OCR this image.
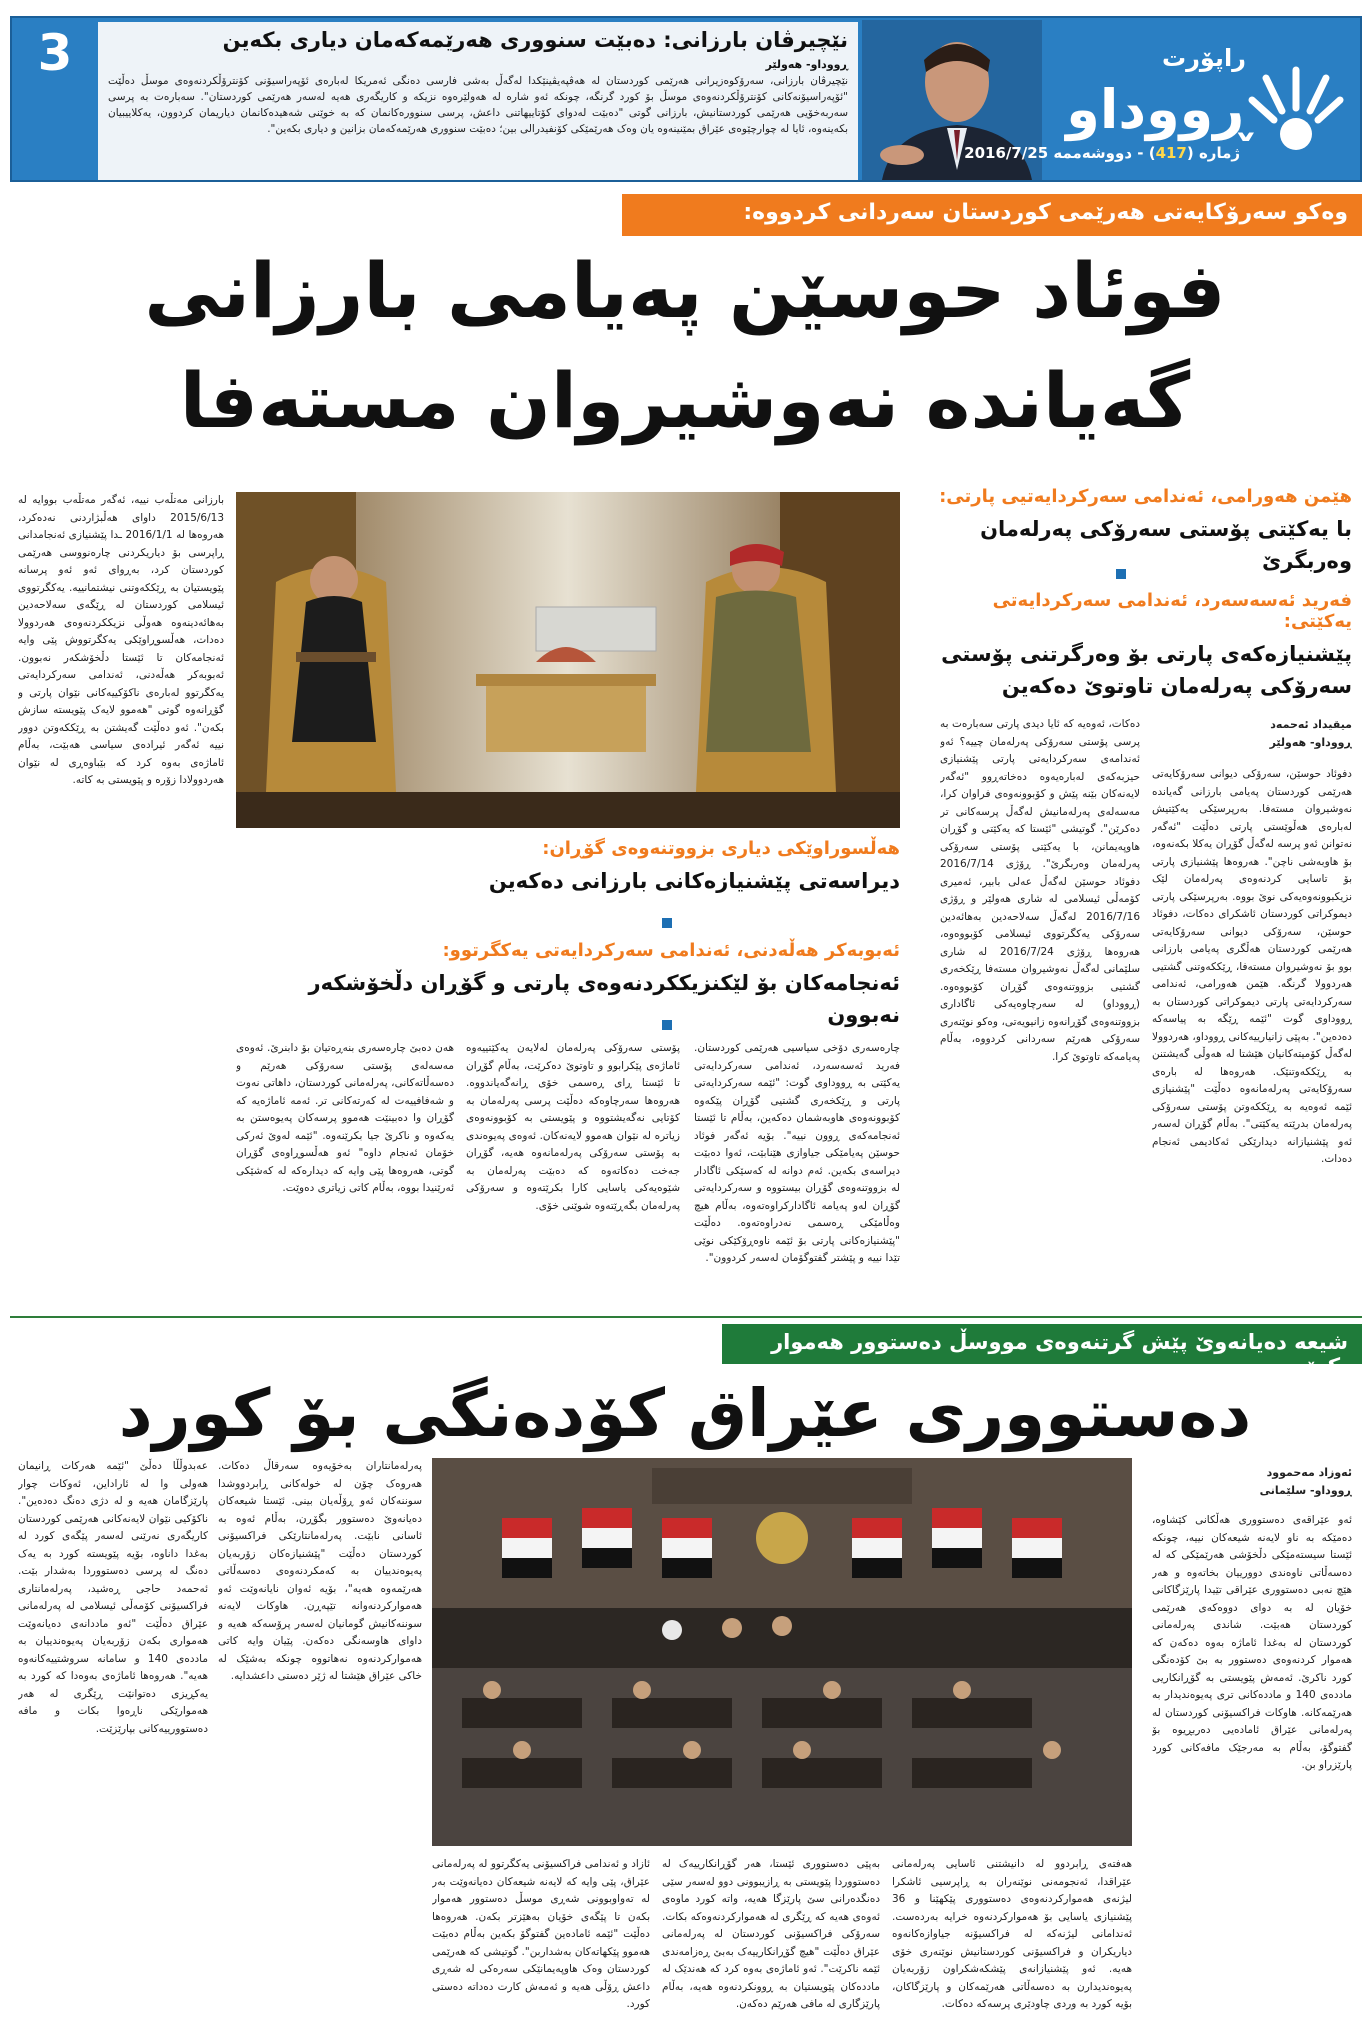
3	نێچیرڤان بارزانی: دەبێت سنووری هەرێمەکەمان دیاری بکەین
ڕووداو- هەولێر
نێچیرڤان بارزانی، سەرۆکوەزیرانی هەرێمی کوردستان لە هەڤپەیڤینێکدا لەگەڵ بەشی فارسی دەنگی ئەمریکا لەبارەی ئۆپەراسیۆنی کۆنترۆڵکردنەوەی موسڵ دەڵێت "ئۆپەراسیۆنەکانی کۆنترۆڵکردنەوەی موسڵ بۆ کورد گرنگە، چونکە ئەو شارە لە هەولێرەوە نزیکە و کاریگەری هەیە لەسەر هەرێمی کوردستان". سەبارەت بە پرسی سەربەخۆیی هەرێمی کوردستانیش، بارزانی گوتی "دەبێت لەدوای کۆتاییهاتنی داعش، پرسی سنوورەکانمان کە بە خوێنی شەهیدەکانمان دیاریمان کردوون، یەکلاییبیان بکەینەوە، ئایا لە چوارچێوەی عێراق بمێنینەوە یان وەک هەرێمێکی کۆنفیدرالی بین؛ دەبێت سنووری هەرێمەکەمان بزانین و دیاری بکەین".
راپۆرت
ڕووداو
ژمارە (417) - دووشەممە 2016/7/25
وەکو سەرۆکایەتی هەرێمی کوردستان سەردانی کردووە:
فوئاد حوسێن پەیامی بارزانی
گەیاندە نەوشیروان مستەفا
هێمن هەورامی، ئەندامی سەرکردایەتیی پارتی:
با یەکێتی پۆستی سەرۆکی پەرلەمان وەربگرێ
فەرید ئەسەسەرد، ئەندامی سەرکردایەتی یەکێتی:
پێشنیازەکەی پارتی بۆ وەرگرتنی پۆستی سەرۆکی پەرلەمان تاوتوێ دەکەین
هەڵسوراوێکی دیاری بزووتنەوەی گۆڕان:
دیراسەتی پێشنیازەکانی بارزانی دەکەین
ئەبوبەکر هەڵەدنی، ئەندامی سەرکردایەتی یەکگرتوو:
ئەنجامەکان بۆ لێکنزیککردنەوەی پارتی و گۆڕان دڵخۆشکەر نەبوون
میقیداد ئەحمەد
ڕووداو- هەولێر
دفوئاد حوسێن، سەرۆکی دیوانی سەرۆکایەتی هەرێمی کوردستان پەیامی بارزانی گەیاندە نەوشیروان مستەفا. بەرپرسێکی یەکێتیش لەبارەی هەڵوێستی پارتی دەڵێت "ئەگەر نەتوانن ئەو پرسە لەگەڵ گۆڕان یەکلا بکەنەوە، بۆ هاوبەشی ناچن". هەروەها پێشنیازی پارتی بۆ تاسایی کردنەوەی پەرلەمان لێک نزیکبوونەوەیەکی نوێ بووە. بەرپرسێکی پارتی دیموکراتی کوردستان ئاشکرای دەکات، دفوئاد حوسێن، سەرۆکی دیوانی سەرۆکایەتی هەرێمی کوردستان هەڵگری پەیامی بارزانی بوو بۆ نەوشیروان مستەفا، ڕێککەوتنی گشتیی هەردوولا گرنگە. هێمن هەورامی، ئەندامی سەرکردایەتی پارتی دیموکراتی کوردستان بە ڕووداوی گوت "ئێمە ڕێگە بە پیاسەکە دەدەین". بەپێی زانیارییەکانی ڕووداو، هەردوولا لەگەڵ کۆمیتەکانیان هێشتا لە هەوڵی گەیشتنن بە ڕێککەوتنێک. هەروەها لە بارەی سەرۆکایەتی پەرلەمانەوە دەڵێت "پێشنیازی ئێمە ئەوەیە بە ڕێککەوتن پۆستی سەرۆکی پەرلەمان بدرێتە یەکێتی". بەڵام گۆڕان لەسەر ئەو پێشنیازانە دیدارێکی ئەکادیمی ئەنجام دەدات.
دەکات، ئەوەیە کە ئایا دیدی پارتی سەبارەت بە پرسی پۆستی سەرۆکی پەرلەمان چییە؟ ئەو ئەندامەی سەرکردایەتی پارتی پێشنیازی حیزبەکەی لەبارەیەوە دەخاتەڕوو "ئەگەر لایەنەکان بێنە پێش و کۆبوونەوەی فراوان کرا، مەسەلەی پەرلەمانیش لەگەڵ پرسەکانی تر دەکرێن". گوتیشی "ئێستا کە یەکێتی و گۆڕان هاوپەیمانن، با یەکێتی پۆستی سەرۆکی پەرلەمان وەربگرێ". ڕۆژی 2016/7/14 دفوئاد حوسێن لەگەڵ عەلی بابیر، ئەمیری کۆمەڵی ئیسلامی لە شاری هەولێر و ڕۆژی 2016/7/16 لەگەڵ سەلاحەدین بەهائەدین سەرۆکی یەکگرتووی ئیسلامی کۆبووەوە، هەروەها ڕۆژی 2016/7/24 لە شاری سلێمانی لەگەڵ نەوشیروان مستەفا ڕێکخەری گشتیی بزووتنەوەی گۆڕان کۆبووەوە. (ڕووداو) لە سەرچاوەیەکی ئاگاداری بزووتنەوەی گۆڕانەوە زانیویەتی، وەکو نوێنەری سەرۆکی هەرێم سەردانی کردووە، بەڵام پەیامەکە تاوتوێ کرا.
چارەسەری دۆخی سیاسیی هەرێمی کوردستان. فەرید ئەسەسەرد، ئەندامی سەرکردایەتی یەکێتی بە ڕووداوی گوت: "ئێمە سەرکردایەتی پارتی و ڕێکخەری گشتیی گۆڕان پێکەوە کۆبوونەوەی هاوبەشمان دەکەین، بەڵام تا ئێستا ئەنجامەکەی ڕوون نییە". بۆیە ئەگەر فوئاد حوسێن پەیامێکی جیاوازی هێنابێت، ئەوا دەبێت دیراسەی بکەین. ئەم دوانە لە کەسێکی ئاگادار لە بزووتنەوەی گۆڕان بیستووە و سەرکردایەتی گۆڕان لەو پەیامە ئاگادارکراوەتەوە، بەڵام هیچ وەڵامێکی ڕەسمی نەدراوەتەوە. دەڵێت "پێشنیازەکانی پارتی بۆ ئێمە ناوەڕۆکێکی نوێی تێدا نییە و پێشتر گفتوگۆمان لەسەر کردوون".
پۆستی سەرۆکی پەرلەمان لەلایەن یەکێتییەوە ئاماژەی پێکرابوو و تاوتوێ دەکرێت، بەڵام گۆڕان تا ئێستا ڕای ڕەسمی خۆی ڕانەگەیاندووە. هەروەها سەرچاوەکە دەڵێت پرسی پەرلەمان بە کۆتایی نەگەیشتووە و پێویستی بە کۆبوونەوەی زیاترە لە نێوان هەموو لایەنەکان. ئەوەی پەیوەندی بە پۆستی سەرۆکی پەرلەمانەوە هەیە، گۆڕان جەخت دەکاتەوە کە دەبێت پەرلەمان بە شێوەیەکی یاسایی کارا بکرێتەوە و سەرۆکی پەرلەمان بگەڕێتەوە شوێنی خۆی.
هەن دەبێ چارەسەری بنەڕەتیان بۆ دابنرێ. ئەوەی مەسەلەی پۆستی سەرۆکی هەرێم و دەسەڵاتەکانی، پەرلەمانی کوردستان، داهاتی نەوت و شەفافییەت لە کەرتەکانی تر. ئەمە ئاماژەیە کە گۆڕان وا دەبینێت هەموو پرسەکان پەیوەستن بە یەکەوە و ناکرێ جیا بکرێنەوە. "ئێمە لەوێ ئەرکی خۆمان ئەنجام داوە" ئەو هەڵسوڕاوەی گۆڕان گوتی، هەروەها پێی وایە کە دیدارەکە لە کەشێکی ئەرێنیدا بووە، بەڵام کاتی زیاتری دەوێت.
بارزانی مەتڵەب نییە، ئەگەر مەتڵەب بووایە لە 2015/6/13 داوای هەڵبژاردنی نەدەکرد، هەروەها لە 2016/1/1 ـدا پێشنیازی ئەنجامدانی ڕاپرسی بۆ دیاریکردنی چارەنووسی هەرێمی کوردستان کرد، بەڕوای ئەو ئەو پرسانە پێویستیان بە ڕێککەوتنی نیشتمانییە. یەکگرتووی ئیسلامی کوردستان لە ڕێگەی سەلاحەدین بەهائەدینەوە هەوڵی نزیککردنەوەی هەردوولا دەدات، هەڵسوڕاوێکی یەکگرتووش پێی وایە ئەنجامەکان تا ئێستا دڵخۆشکەر نەبوون. ئەبوبەکر هەڵەدنی، ئەندامی سەرکردایەتی یەکگرتوو لەبارەی ناکۆکییەکانی نێوان پارتی و گۆڕانەوە گوتی "هەموو لایەک پێویستە سازش بکەن". ئەو دەڵێت گەیشتن بە ڕێککەوتن دوور نییە ئەگەر ئیرادەی سیاسی هەبێت، بەڵام ئاماژەی بەوە کرد کە بێباوەڕی لە نێوان هەردوولادا زۆرە و پێویستی بە کاتە.
شیعە دەیانەوێ پێش گرتنەوەی مووسڵ دەستوور هەموار بکرێت
دەستووری عێراق کۆدەنگی بۆ کورد
ئەوزاد مەحموود
ڕووداو- سلێمانی
ئەو عێراقەی دەستووری هەڵکانی کێشاوە، دەمێکە بە ناو لایەنە شیعەکان نییە، چونکە ئێستا سیستەمێکی دڵخۆشی هەرێمێکی کە لە دەسەڵاتی ناوەندی دوورییان بخاتەوە و هەر هێچ نەبی دەستووری عێراقی تێیدا پارێزگاکانی خۆیان لە بە دوای دووەکەی هەرێمی کوردستان هەبێت. شاندی پەرلەمانی کوردستان لە بەغدا ئاماژە بەوە دەکەن کە هەموار کردنەوەی دەستوور بە بێ کۆدەنگی کورد ناکرێ. ئەمەش پێویستی بە گۆڕانکاریی ماددەی 140 و ماددەکانی تری پەیوەندیدار بە هەرێمەکانە. هاوکات فراکسیۆنی کوردستان لە پەرلەمانی عێراق ئامادەیی دەربڕیوە بۆ گفتوگۆ، بەڵام بە مەرجێک مافەکانی کورد پارێزراو بن.
هەفتەی ڕابردوو لە دانیشتنی ئاسایی پەرلەمانی عێراقدا، ئەنجومەنی نوێنەران بە ڕاپرسیی ئاشکرا لیژنەی هەموارکردنەوەی دەستووری پێکهێنا و 36 پێشنیازی یاسایی بۆ هەموارکردنەوە خرایە بەردەست. ئەندامانی لیژنەکە لە فراکسیۆنە جیاوازەکانەوە دیاریکران و فراکسیۆنی کوردستانیش نوێنەری خۆی هەیە. ئەو پێشنیازانەی پێشکەشکراون زۆربەیان پەیوەندیدارن بە دەسەڵاتی هەرێمەکان و پارێزگاکان، بۆیە کورد بە وردی چاودێری پرسەکە دەکات.
بەپێی دەستووری ئێستا، هەر گۆڕانکارییەک لە دەستووردا پێویستی بە ڕازیبوونی دوو لەسەر سێی دەنگدەرانی سێ پارێزگا هەیە، واتە کورد ماوەی ئەوەی هەیە کە ڕێگری لە هەموارکردنەوەکە بکات. سەرۆکی فراکسیۆنی کوردستان لە پەرلەمانی عێراق دەڵێت "هیچ گۆڕانکارییەک بەبێ ڕەزامەندی ئێمە ناکرێت". ئەو ئاماژەی بەوە کرد کە هەندێک لە ماددەکان پێویستیان بە ڕوونکردنەوە هەیە، بەڵام پارێزگاری لە مافی هەرێم دەکەن.
ئازاد و ئەندامی فراکسیۆنی یەکگرتوو لە پەرلەمانی عێراق، پێی وایە کە لایەنە شیعەکان دەیانەوێت بەر لە تەواوبوونی شەڕی موسڵ دەستوور هەموار بکەن تا پێگەی خۆیان بەهێزتر بکەن. هەروەها دەڵێت "ئێمە ئامادەین گفتوگۆ بکەین بەڵام دەبێت هەموو پێکهاتەکان بەشداربن". گوتیشی کە هەرێمی کوردستان وەک هاوپەیمانێکی سەرەکی لە شەڕی داعش ڕۆڵی هەیە و ئەمەش کارت دەداتە دەستی کورد.
پەرلەمانتاران بەخۆیەوە سەرقاڵ دەکات. هەروەک چۆن لە خولەکانی ڕابردووشدا سوننەکان ئەو ڕۆڵەیان بینی. ئێستا شیعەکان دەیانەوێ دەستوور بگۆڕن، بەڵام ئەوە بە ئاسانی نابێت. پەرلەمانتارێکی فراکسیۆنی کوردستان دەڵێت "پێشنیازەکان زۆربەیان پەیوەندییان بە کەمکردنەوەی دەسەڵاتی هەرێمەوە هەیە"، بۆیە ئەوان نایانەوێت ئەو هەموارکردنەوانە تێپەڕن. هاوکات لایەنە سوننەکانیش گومانیان لەسەر پرۆسەکە هەیە و داوای هاوسەنگی دەکەن. پێیان وایە کاتی هەموارکردنەوە نەهاتووە چونکە بەشێک لە خاکی عێراق هێشتا لە ژێر دەستی داعشدایە.
عەبدوڵڵا دەڵێ "ئێمە هەرکات ڕانیمان هەولی وا لە ئاراداین، ئەوکات چوار پارێزگامان هەیە و لە دژی دەنگ دەدەین". ناکۆکیی نێوان لایەنەکانی هەرێمی کوردستان کاریگەری نەرێنی لەسەر پێگەی کورد لە بەغدا داناوە، بۆیە پێویستە کورد بە یەک دەنگ لە پرسی دەستووردا بەشدار بێت. ئەحمەد حاجی ڕەشید، پەرلەمانتاری فراکسیۆنی کۆمەڵی ئیسلامی لە پەرلەمانی عێراق دەڵێت "ئەو ماددانەی دەیانەوێت هەمواری بکەن زۆربەیان پەیوەندییان بە ماددەی 140 و سامانە سروشتییەکانەوە هەیە". هەروەها ئاماژەی بەوەدا کە کورد بە یەکڕیزی دەتوانێت ڕێگری لە هەر هەموارێکی ناڕەوا بکات و مافە دەستوورییەکانی بپارێزێت.
